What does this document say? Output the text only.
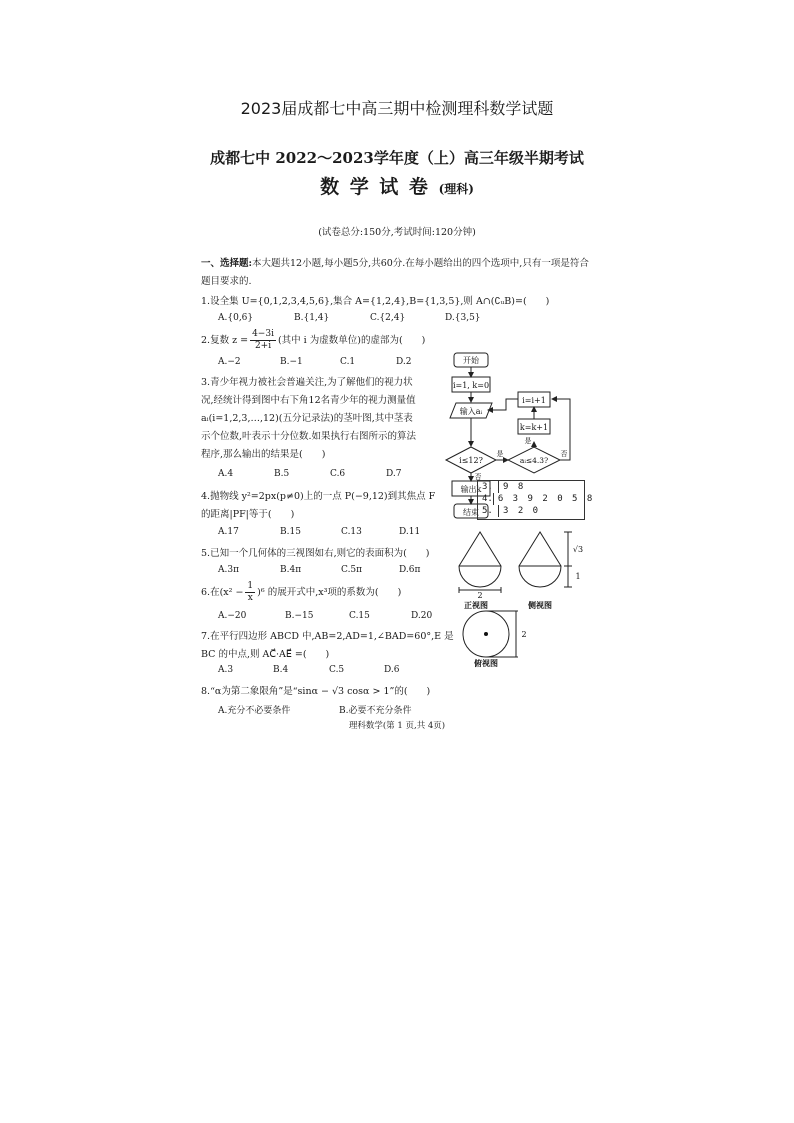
2023届成都七中高三期中检测理科数学试题
成都七中 2022～2023学年度（上）高三年级半期考试
数 学 试 卷 (理科)
(试卷总分:150分,考试时间:120分钟)
一、选择题:本大题共12小题,每小题5分,共60分.在每小题给出的四个选项中,只有一项是符合题目要求的.
1.设全集 U={0,1,2,3,4,5,6},集合 A={1,2,4},B={1,3,5},则 A∩(∁ᵤB)=(　　)
A.{0,6}	B.{1,4}	C.{2,4}	D.{3,5}
2.复数 $z = \frac{4-3i}{2+i}$ (其中 i 为虚数单位)的虚部为(　　)
A.−2	B.−1	C.1	D.2
3.青少年视力被社会普遍关注,为了解他们的视力状
况,经统计得到图中右下角12名青少年的视力测量值
aᵢ(i=1,2,3,…,12)(五分记录法)的茎叶图,其中茎表
示个位数,叶表示十分位数.如果执行右图所示的算法
程序,那么输出的结果是(　　)
A.4	B.5	C.6	D.7
4.抛物线 y²=2px(p≠0)上的一点 P(−9,12)到其焦点 F
的距离|PF|等于(　　)
A.17	B.15	C.13	D.11
5.已知一个几何体的三视图如右,则它的表面积为(　　)
A.3π	B.4π	C.5π	D.6π
6.在$(x^2 - \frac{1}{x} )^6$ 的展开式中,x³项的系数为(　　)
A.−20	B.−15	C.15	D.20
7.在平行四边形 ABCD 中,AB=2,AD=1,∠BAD=60°,E 是
BC 的中点,则 AC⃗·AE⃗ =(　　)
A.3	B.4	C.5	D.6
8.“α为第二象限角”是“sinα − √3 cosα > 1”的(　　)
A.充分不必要条件	B.必要不充分条件
理科数学(第 1 页,共 4页)
开始
i=1, k=0
输入aᵢ
i≤12?	aᵢ≤4.3?
k=k+1
i=i+1
输出k
结束
是
是
否
否
3.	9 8
4. 6 3 9 2 0 5 8
5.	3 2 0
2
正视图	侧视图
√3
1
2
俯视图
